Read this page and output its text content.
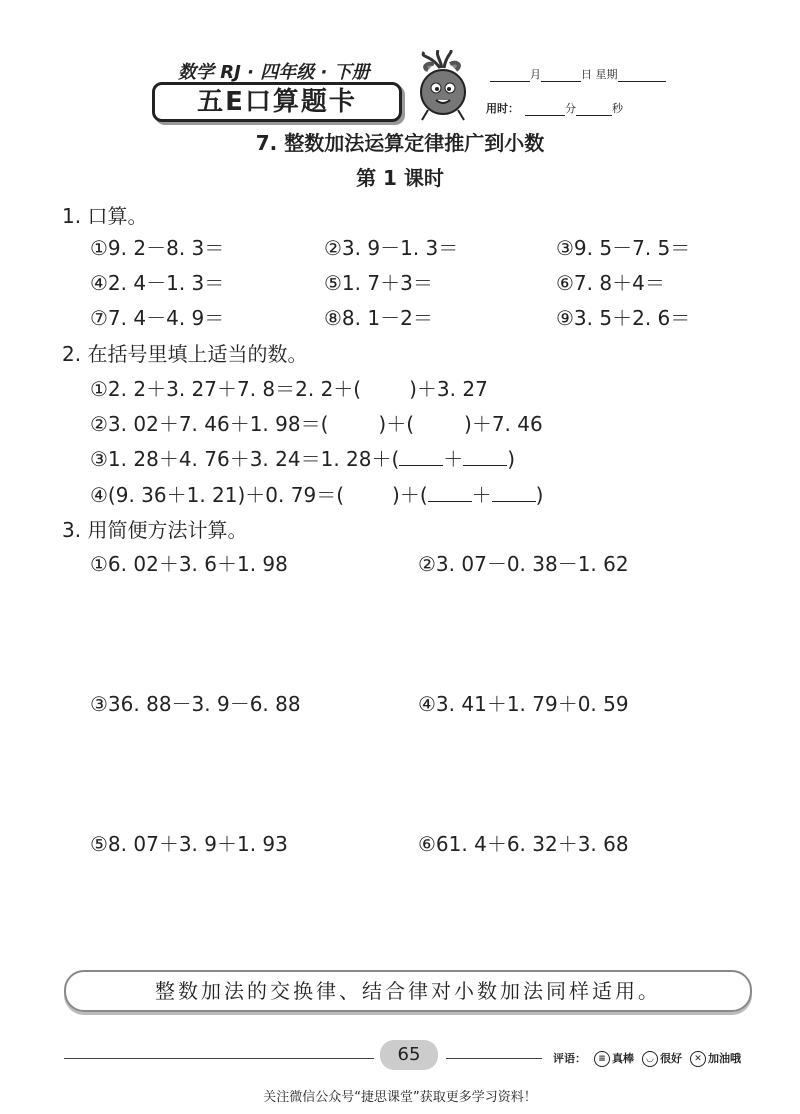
数学 RJ · 四年级 · 下册
五E口算题卡
月	日 星期
用时：	分	秒
7. 整数加法运算定律推广到小数
第 1 课时
1. 口算。
①9. 2－8. 3＝	②3. 9－1. 3＝	③9. 5－7. 5＝
④2. 4－1. 3＝	⑤1. 7＋3＝	⑥7. 8＋4＝
⑦7. 4－4. 9＝	⑧8. 1－2＝	⑨3. 5＋2. 6＝
2. 在括号里填上适当的数。
①2. 2＋3. 27＋7. 8＝2. 2＋( )＋3. 27
②3. 02＋7. 46＋1. 98＝(	)＋(	)＋7. 46
③1. 28＋4. 76＋3. 24＝1. 28＋( ＋ )
④(9. 36＋1. 21)＋0. 79＝( )＋( ＋ )
3. 用简便方法计算。
①6. 02＋3. 6＋1. 98	②3. 07－0. 38－1. 62
③36. 88－3. 9－6. 88	④3. 41＋1. 79＋0. 59
⑤8. 07＋3. 9＋1. 93	⑥61. 4＋6. 32＋3. 68
整数加法的交换律、结合律对小数加法同样适用。
65	评语： ≡ 真棒 ◡ 很好 ✕ 加油哦
关注微信公众号“捷思课堂”获取更多学习资料！
